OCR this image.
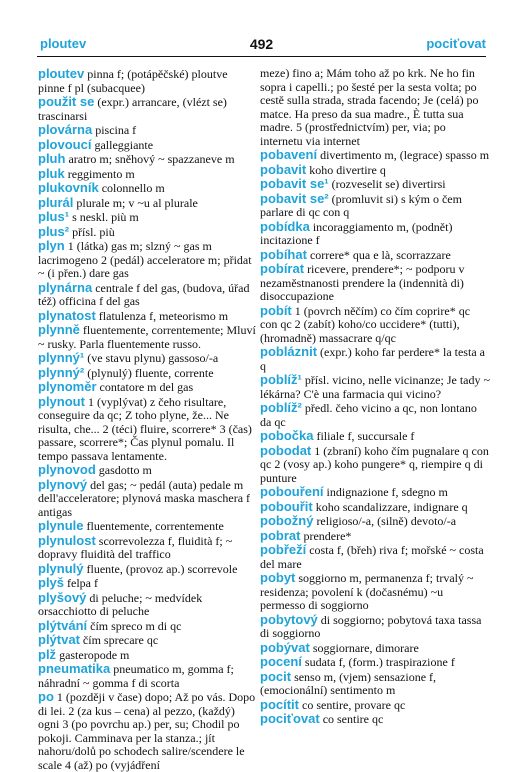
ploutev	492	pociťovat
ploutev pinna f; (potápěčské) ploutve pinne f pl (subacquee)
použit se (expr.) arrancare, (vlézt se) trascinarsi
plovárna piscina f
plovoucí galleggiante
pluh aratro m; sněhový ~ spazzaneve m
pluk reggimento m
plukovník colonnello m
plurál plurale m; v ~u al plurale
plus¹ s neskl. più m
plus² přísl. più
plyn 1 (látka) gas m; slzný ~ gas m lacrimogeno 2 (pedál) acceleratore m; přidat ~ (i přen.) dare gas
plynárna centrale f del gas, (budova, úřad též) officina f del gas
plynatost flatulenza f, meteorismo m
plynně fluentemente, correntemente; Mluví ~ rusky. Parla fluentemente russo.
plynný¹ (ve stavu plynu) gassoso/-a
plynný² (plynulý) fluente, corrente
plynoměr contatore m del gas
plynout 1 (vyplývat) z čeho risultare, conseguire da qc; Z toho plyne, že... Ne risulta, che... 2 (téci) fluire, scorrere* 3 (čas) passare, scorrere*; Čas plynul pomalu. Il tempo passava lentamente.
plynovod gasdotto m
plynový del gas; ~ pedál (auta) pedale m dell'acceleratore; plynová maska maschera f antigas
plynule fluentemente, correntemente
plynulost scorrevolezza f, fluidità f; ~ dopravy fluidità del traffico
plynulý fluente, (provoz ap.) scorrevole
plyš felpa f
plyšový di peluche; ~ medvídek orsacchiotto di peluche
plýtvání čím spreco m di qc
plýtvat čím sprecare qc
plž gasteropode m
pneumatika pneumatico m, gomma f; náhradní ~ gomma f di scorta
po 1 (později v čase) dopo; Až po vás. Dopo di lei. 2 (za kus – cena) al pezzo, (každý) ogni 3 (po povrchu ap.) per, su; Chodil po pokoji. Camminava per la stanza.; jít nahoru/dolů po schodech salire/scendere le scale 4 (až) po (vyjádření
meze) fino a; Mám toho až po krk. Ne ho fin sopra i capelli.; po šesté per la sesta volta; po cestě sulla strada, strada facendo; Je (celá) po matce. Ha preso da sua madre., È tutta sua madre. 5 (prostřednictvím) per, via; po internetu via internet
pobavení divertimento m, (legrace) spasso m
pobavit koho divertire q
pobavit se¹ (rozveselit se) divertirsi
pobavit se² (promluvit si) s kým o čem parlare di qc con q
pobídka incoraggiamento m, (podnět) incitazione f
pobíhat correre* qua e là, scorrazzare
pobírat ricevere, prendere*; ~ podporu v nezaměstnanosti prendere la (indennità di) disoccupazione
pobít 1 (povrch něčím) co čím coprire* qc con qc 2 (zabít) koho/co uccidere* (tutti), (hromadně) massacrare q/qc
pobláznit (expr.) koho far perdere* la testa a q
poblíž¹ přísl. vicino, nelle vicinanze; Je tady ~ lékárna? C'è una farmacia qui vicino?
poblíž² předl. čeho vicino a qc, non lontano da qc
pobočka filiale f, succursale f
pobodat 1 (zbraní) koho čím pugnalare q con qc 2 (vosy ap.) koho pungere* q, riempire q di punture
pobouření indignazione f, sdegno m
pobouřit koho scandalizzare, indignare q
pobožný religioso/-a, (silně) devoto/-a
pobrat prendere*
pobřeží costa f, (břeh) riva f; mořské ~ costa del mare
pobyt soggiorno m, permanenza f; trvalý ~ residenza; povolení k (dočasnému) ~u permesso di soggiorno
pobytový di soggiorno; pobytová taxa tassa di soggiorno
pobývat soggiornare, dimorare
pocení sudata f, (form.) traspirazione f
pocit senso m, (vjem) sensazione f, (emocionální) sentimento m
pocítit co sentire, provare qc
pociťovat co sentire qc
